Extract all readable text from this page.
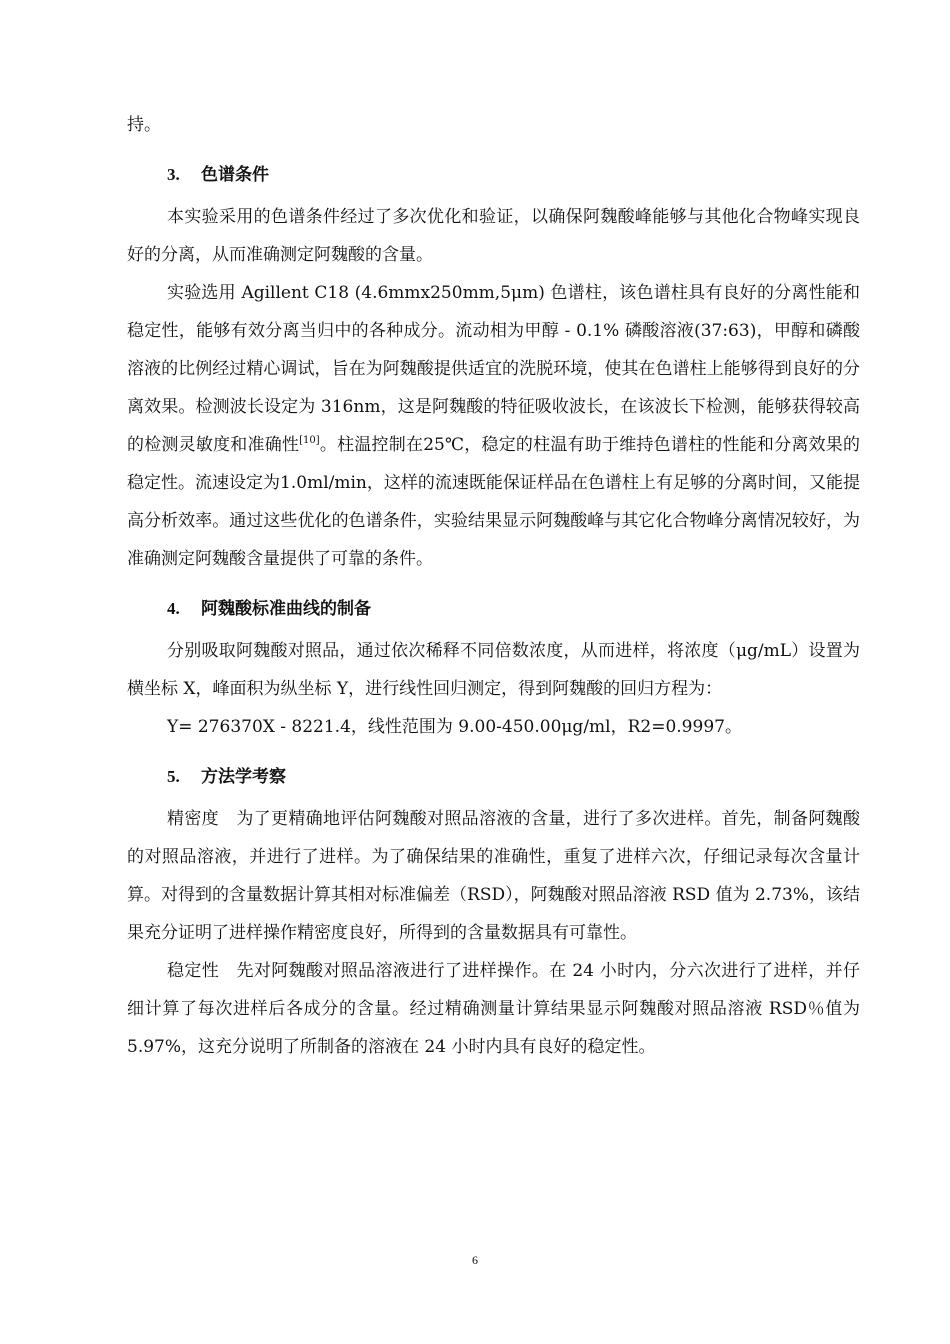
持。

3. 色谱条件

本实验采用的色谱条件经过了多次优化和验证，以确保阿魏酸峰能够与其他化合物峰实现良好的分离，从而准确测定阿魏酸的含量。

实验选用 Agillent C18 (4.6mmx250mm,5μm) 色谱柱，该色谱柱具有良好的分离性能和稳定性，能够有效分离当归中的各种成分。流动相为甲醇 - 0.1% 磷酸溶液(37:63)，甲醇和磷酸溶液的比例经过精心调试，旨在为阿魏酸提供适宜的洗脱环境，使其在色谱柱上能够得到良好的分离效果。检测波长设定为 316nm，这是阿魏酸的特征吸收波长，在该波长下检测，能够获得较高的检测灵敏度和准确性[10]。柱温控制在25℃，稳定的柱温有助于维持色谱柱的性能和分离效果的稳定性。流速设定为1.0ml/min，这样的流速既能保证样品在色谱柱上有足够的分离时间，又能提高分析效率。通过这些优化的色谱条件，实验结果显示阿魏酸峰与其它化合物峰分离情况较好，为准确测定阿魏酸含量提供了可靠的条件。

4. 阿魏酸标准曲线的制备

分别吸取阿魏酸对照品，通过依次稀释不同倍数浓度，从而进样，将浓度（μg/mL）设置为横坐标 X，峰面积为纵坐标 Y，进行线性回归测定，得到阿魏酸的回归方程为：

Y= 276370X - 8221.4，线性范围为 9.00-450.00μg/ml，R2=0.9997。

5. 方法学考察

精密度　为了更精确地评估阿魏酸对照品溶液的含量，进行了多次进样。首先，制备阿魏酸的对照品溶液，并进行了进样。为了确保结果的准确性，重复了进样六次，仔细记录每次含量计算。对得到的含量数据计算其相对标准偏差（RSD），阿魏酸对照品溶液 RSD 值为 2.73%，该结果充分证明了进样操作精密度良好，所得到的含量数据具有可靠性。

稳定性　先对阿魏酸对照品溶液进行了进样操作。在 24 小时内，分六次进行了进样，并仔细计算了每次进样后各成分的含量。经过精确测量计算结果显示阿魏酸对照品溶液 RSD％值为 5.97%，这充分说明了所制备的溶液在 24 小时内具有良好的稳定性。

6
